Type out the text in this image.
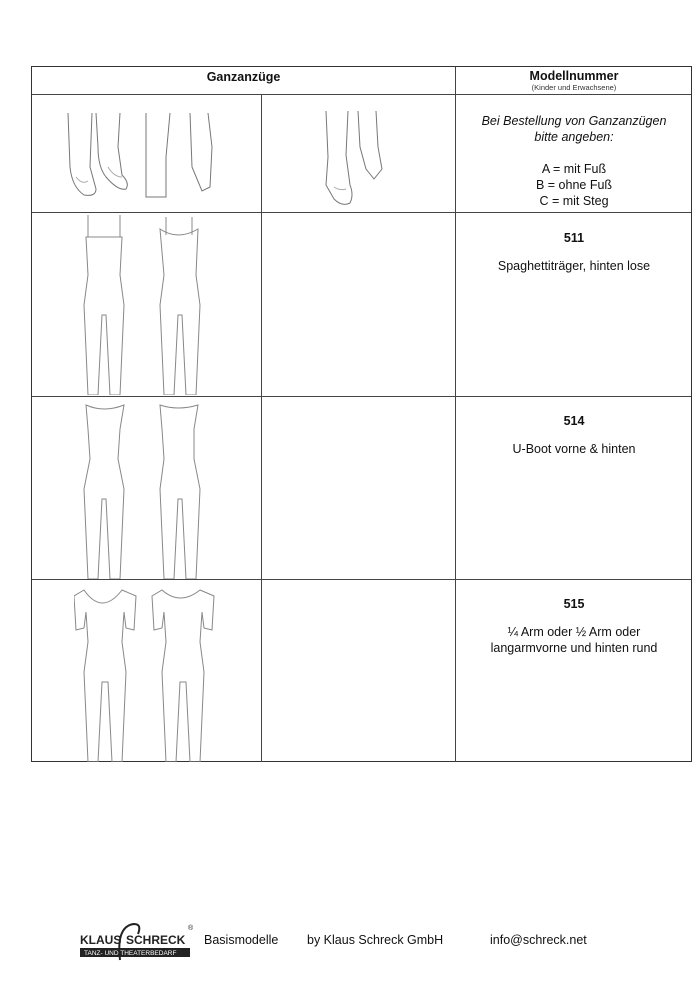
Ganzanzüge	Modellnummer
(Kinder und Erwachsene)
Bei Bestellung von Ganzanzügen
bitte angeben:
A = mit Fuß
B = ohne Fuß
C = mit Steg
511
Spaghettiträger, hinten lose
514
U-Boot vorne & hinten
515
¼ Arm oder ½ Arm oder
langarmvorne und hinten rund
KLAUS SCHRECK
®
TANZ- UND THEATERBEDARF
Basismodelle by Klaus Schreck GmbH	info@schreck.net
